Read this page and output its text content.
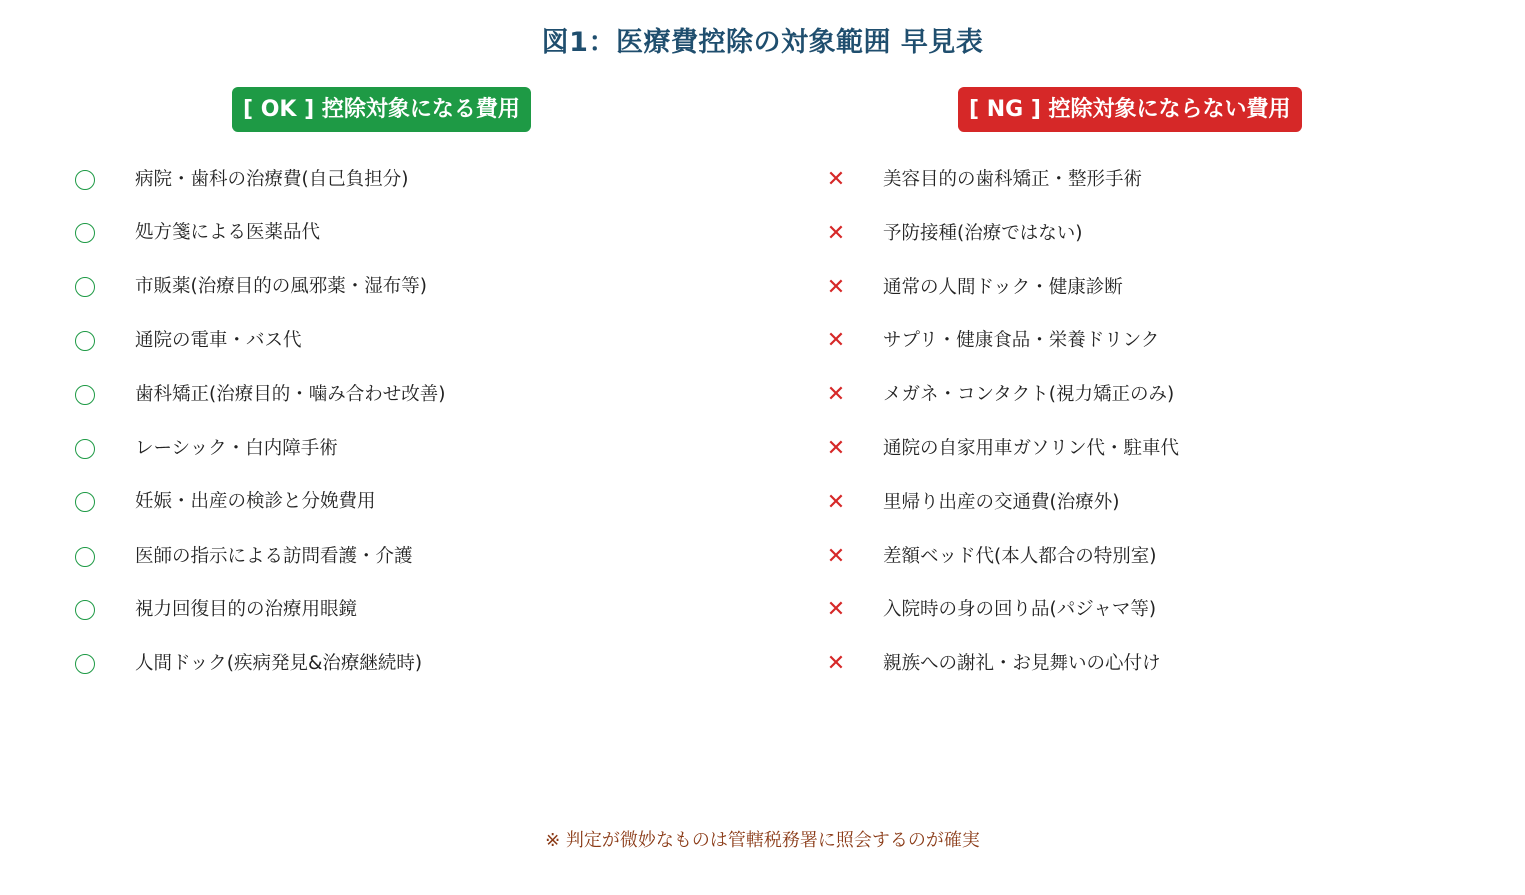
図1：医療費控除の対象範囲 早見表
[ OK ] 控除対象になる費用
病院・歯科の治療費(自己負担分)
処方箋による医薬品代
市販薬(治療目的の風邪薬・湿布等)
通院の電車・バス代
歯科矯正(治療目的・噛み合わせ改善)
レーシック・白内障手術
妊娠・出産の検診と分娩費用
医師の指示による訪問看護・介護
視力回復目的の治療用眼鏡
人間ドック(疾病発見&治療継続時)
[ NG ] 控除対象にならない費用
✕ 美容目的の歯科矯正・整形手術
✕ 予防接種(治療ではない)
✕ 通常の人間ドック・健康診断
✕ サプリ・健康食品・栄養ドリンク
✕ メガネ・コンタクト(視力矯正のみ)
✕ 通院の自家用車ガソリン代・駐車代
✕ 里帰り出産の交通費(治療外)
✕ 差額ベッド代(本人都合の特別室)
✕ 入院時の身の回り品(パジャマ等)
✕ 親族への謝礼・お見舞いの心付け
※ 判定が微妙なものは管轄税務署に照会するのが確実
